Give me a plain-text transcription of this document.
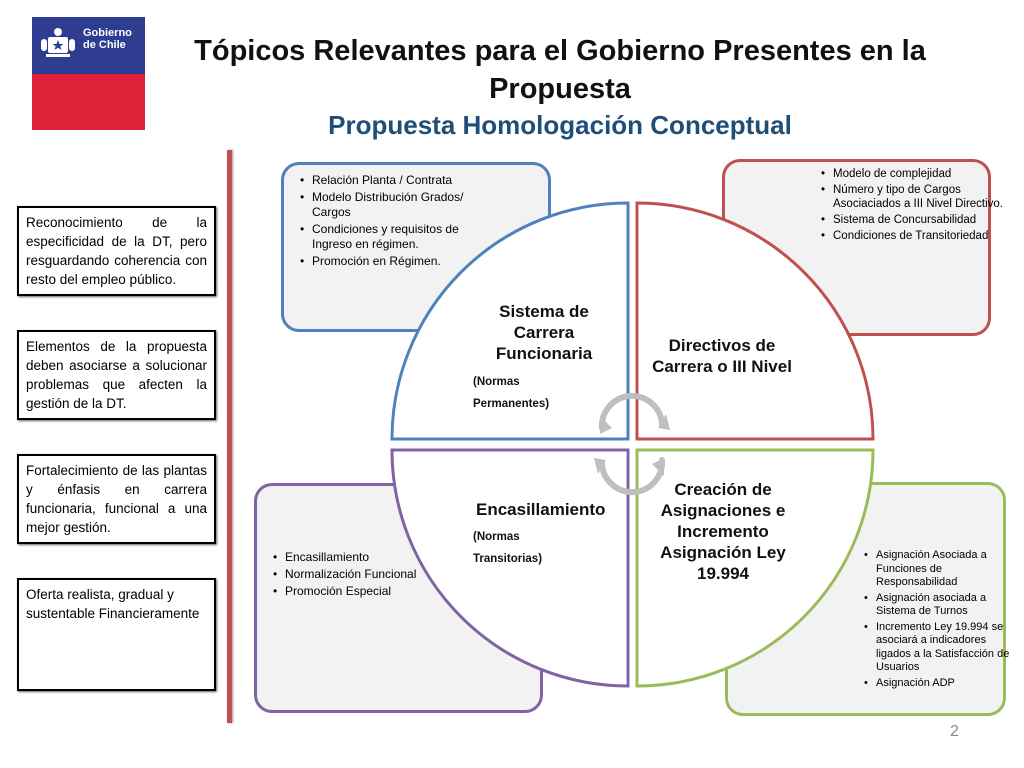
Gobierno
de Chile	Tópicos Relevantes para el Gobierno Presentes en la Propuesta
Propuesta Homologación Conceptual
Reconocimiento de la especificidad de la DT, pero resguardando coherencia con resto del empleo público.
Elementos de la propuesta deben asociarse a solucionar problemas que afecten la gestión de la DT.
Fortalecimiento de las plantas y énfasis en carrera funcionaria, funcional a una mejor gestión.
Oferta realista, gradual y sustentable Financieramente
• Relación Planta / Contrata
• Modelo Distribución Grados/ Cargos
• Condiciones y requisitos de Ingreso en régimen.
• Promoción en Régimen.
• Modelo de complejidad
• Número y tipo de Cargos Asociaciados a III Nivel Directivo.
• Sistema de Concursabilidad
• Condiciones de Transitoriedad
• Encasillamiento
• Normalización Funcional
• Promoción Especial
• Asignación Asociada a Funciones de Responsabilidad
• Asignación asociada a Sistema de Turnos
• Incremento Ley 19.994 se asociará a indicadores ligados a la Satisfacción de Usuarios
• Asignación ADP
Sistema de Carrera Funcionaria
(Normas
Permanentes)
Directivos de Carrera o III Nivel
Encasillamiento
(Normas
Transitorias)
Creación de Asignaciones e Incremento Asignación Ley 19.994
2
